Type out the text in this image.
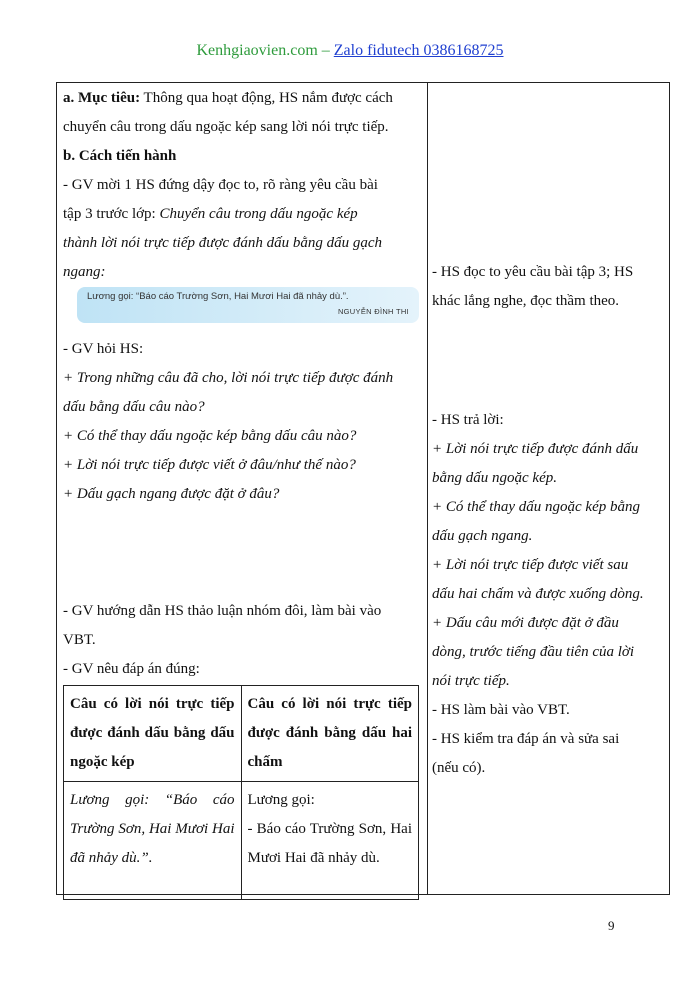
Kenhgiaovien.com – Zalo fidutech 0386168725
a. Mục tiêu: Thông qua hoạt động, HS nắm được cách
chuyển câu trong dấu ngoặc kép sang lời nói trực tiếp.
b. Cách tiến hành
- GV mời 1 HS đứng dậy đọc to, rõ ràng yêu cầu bài
tập 3 trước lớp: Chuyển câu trong dấu ngoặc kép
thành lời nói trực tiếp được đánh dấu bằng dấu gạch
ngang:
Lương gọi: “Báo cáo Trường Sơn, Hai Mươi Hai đã nhảy dù.”.
NGUYỄN ĐÌNH THI
- GV hỏi HS:
+ Trong những câu đã cho, lời nói trực tiếp được đánh
dấu bằng dấu câu nào?
+ Có thể thay dấu ngoặc kép bằng dấu câu nào?
+ Lời nói trực tiếp được viết ở đâu/như thế nào?
+ Dấu gạch ngang được đặt ở đâu?
- GV hướng dẫn HS thảo luận nhóm đôi, làm bài vào
VBT.
- GV nêu đáp án đúng:
Câu có lời nói trực tiếp được đánh dấu bằng dấu ngoặc kép	Câu có lời nói trực tiếp được đánh bằng dấu hai chấm
Lương gọi: “Báo cáo Trường Sơn, Hai Mươi Hai đã nhảy dù.”.	Lương gọi:
- Báo cáo Trường Sơn, Hai Mươi Hai đã nhảy dù.
- HS đọc to yêu cầu bài tập 3; HS
khác lắng nghe, đọc thầm theo.
- HS trả lời:
+ Lời nói trực tiếp được đánh dấu
bằng dấu ngoặc kép.
+ Có thể thay dấu ngoặc kép bằng
dấu gạch ngang.
+ Lời nói trực tiếp được viết sau
dấu hai chấm và được xuống dòng.
+ Dấu câu mới được đặt ở đầu
dòng, trước tiếng đầu tiên của lời
nói trực tiếp.
- HS làm bài vào VBT.
- HS kiểm tra đáp án và sửa sai
(nếu có).
9
